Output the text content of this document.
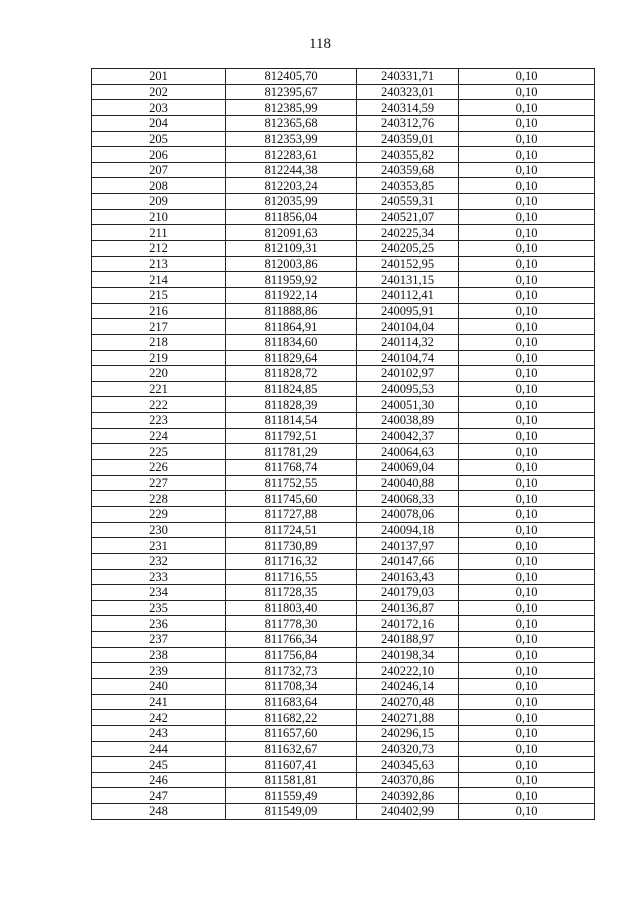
118
201	812405,70	240331,71	0,10
202	812395,67	240323,01	0,10
203	812385,99	240314,59	0,10
204	812365,68	240312,76	0,10
205	812353,99	240359,01	0,10
206	812283,61	240355,82	0,10
207	812244,38	240359,68	0,10
208	812203,24	240353,85	0,10
209	812035,99	240559,31	0,10
210	811856,04	240521,07	0,10
211	812091,63	240225,34	0,10
212	812109,31	240205,25	0,10
213	812003,86	240152,95	0,10
214	811959,92	240131,15	0,10
215	811922,14	240112,41	0,10
216	811888,86	240095,91	0,10
217	811864,91	240104,04	0,10
218	811834,60	240114,32	0,10
219	811829,64	240104,74	0,10
220	811828,72	240102,97	0,10
221	811824,85	240095,53	0,10
222	811828,39	240051,30	0,10
223	811814,54	240038,89	0,10
224	811792,51	240042,37	0,10
225	811781,29	240064,63	0,10
226	811768,74	240069,04	0,10
227	811752,55	240040,88	0,10
228	811745,60	240068,33	0,10
229	811727,88	240078,06	0,10
230	811724,51	240094,18	0,10
231	811730,89	240137,97	0,10
232	811716,32	240147,66	0,10
233	811716,55	240163,43	0,10
234	811728,35	240179,03	0,10
235	811803,40	240136,87	0,10
236	811778,30	240172,16	0,10
237	811766,34	240188,97	0,10
238	811756,84	240198,34	0,10
239	811732,73	240222,10	0,10
240	811708,34	240246,14	0,10
241	811683,64	240270,48	0,10
242	811682,22	240271,88	0,10
243	811657,60	240296,15	0,10
244	811632,67	240320,73	0,10
245	811607,41	240345,63	0,10
246	811581,81	240370,86	0,10
247	811559,49	240392,86	0,10
248	811549,09	240402,99	0,10
